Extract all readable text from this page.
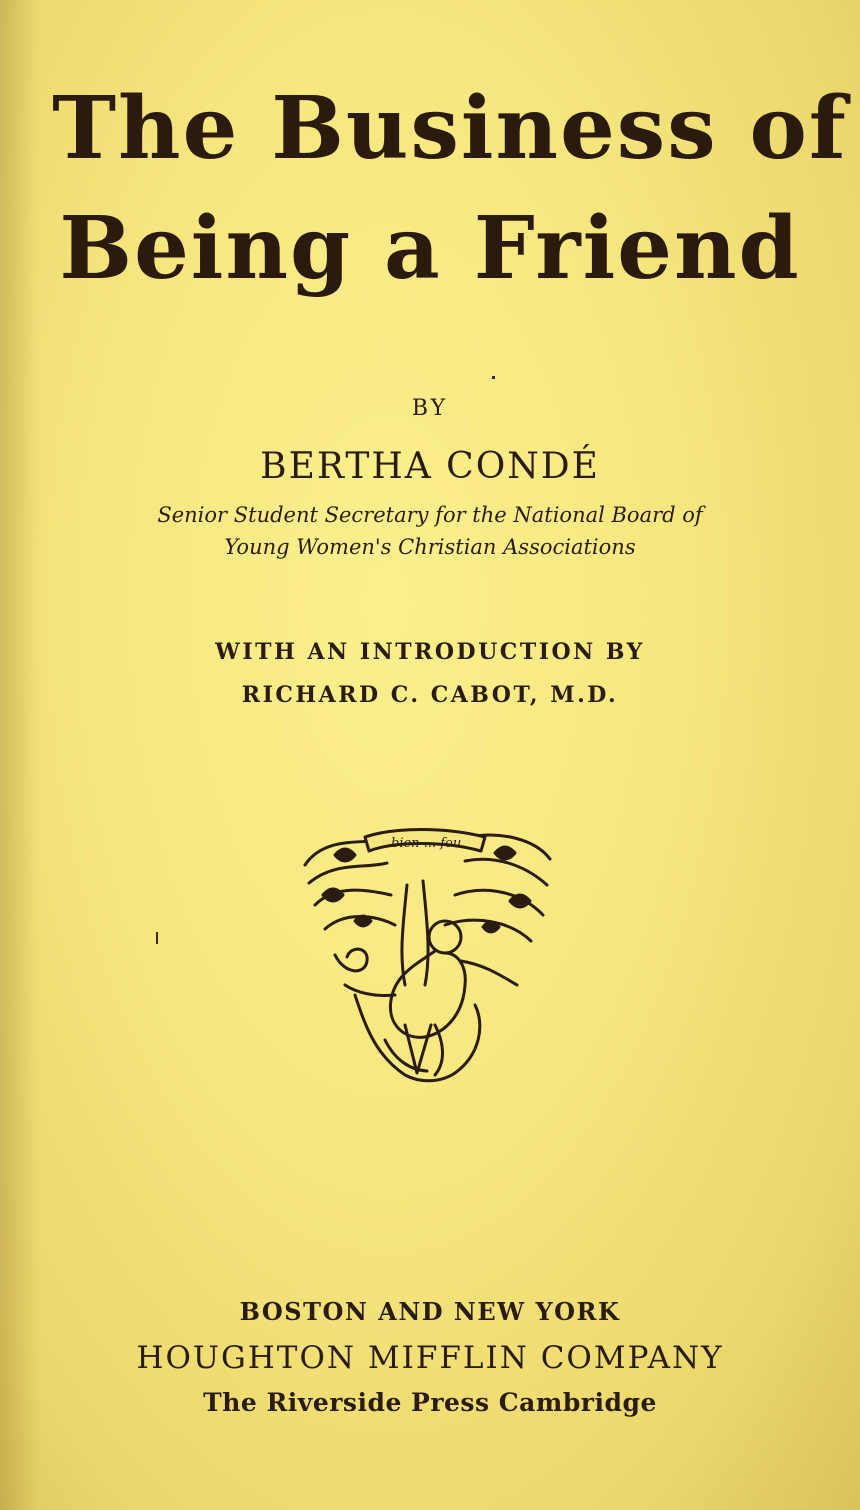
The Business of
Being a Friend
BY
BERTHA CONDÉ
Senior Student Secretary for the National Board of
Young Women's Christian Associations
WITH AN INTRODUCTION BY
RICHARD C. CABOT, M.D.
bien ... fou
BOSTON AND NEW YORK
HOUGHTON MIFFLIN COMPANY
The Riverside Press Cambridge
